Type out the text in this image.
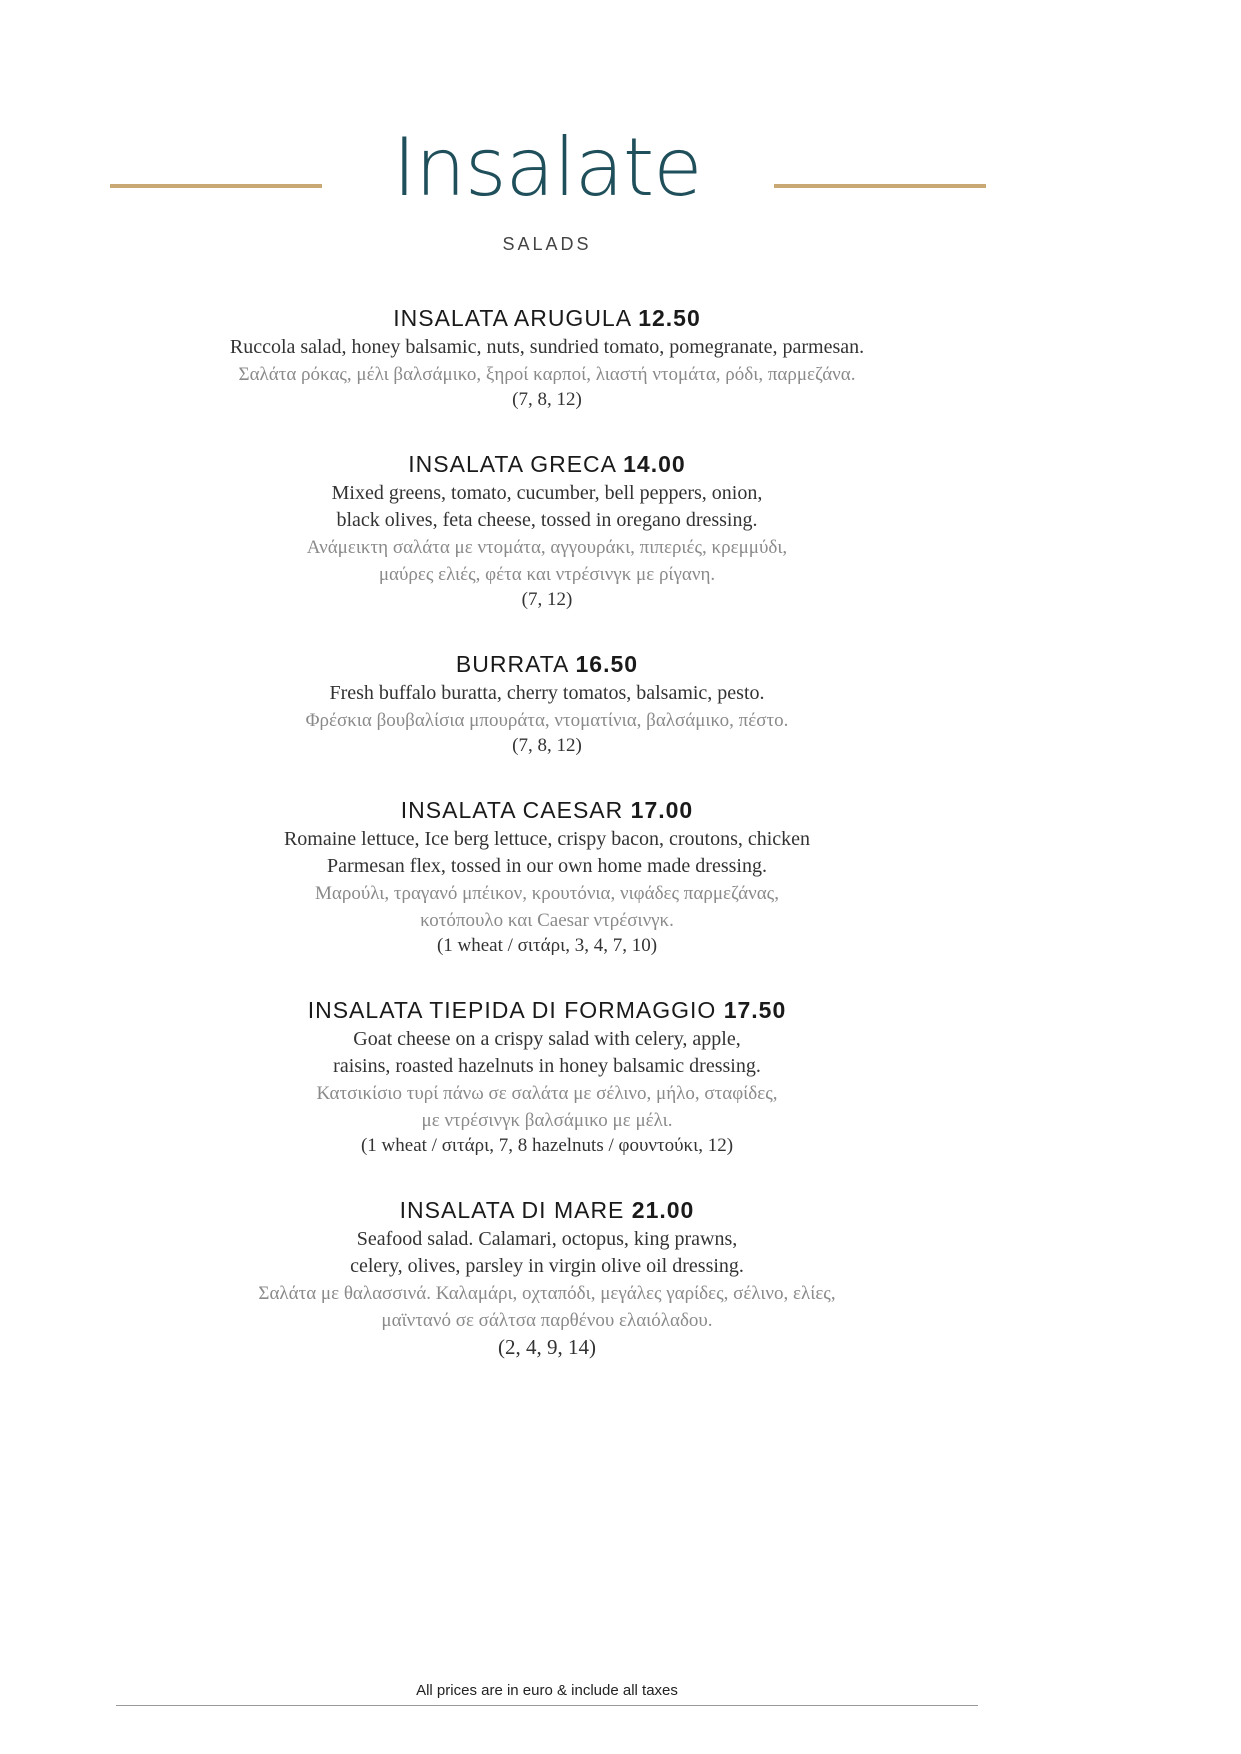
Insalate
SALADS
INSALATA ARUGULA 12.50
Ruccola salad, honey balsamic, nuts, sundried tomato, pomegranate, parmesan.
Σαλάτα ρόκας, μέλι βαλσάμικο, ξηροί καρποί, λιαστή ντομάτα, ρόδι, παρμεζάνα.
(7, 8, 12)
INSALATA GRECA 14.00
Mixed greens, tomato, cucumber, bell peppers, onion,
black olives, feta cheese, tossed in oregano dressing.
Ανάμεικτη σαλάτα με ντομάτα, αγγουράκι, πιπεριές, κρεμμύδι,
μαύρες ελιές, φέτα και ντρέσινγκ με ρίγανη.
(7, 12)
BURRATA 16.50
Fresh buffalo buratta, cherry tomatos, balsamic, pesto.
Φρέσκια βουβαλίσια μπουράτα, ντοματίνια, βαλσάμικο, πέστο.
(7, 8, 12)
INSALATA CAESAR 17.00
Romaine lettuce, Ice berg lettuce, crispy bacon, croutons, chicken
Parmesan flex, tossed in our own home made dressing.
Μαρούλι, τραγανό μπέικον, κρουτόνια, νιφάδες παρμεζάνας,
κοτόπουλο και Caesar ντρέσινγκ.
(1 wheat / σιτάρι, 3, 4, 7, 10)
INSALATA TIEPIDA DI FORMAGGIO 17.50
Goat cheese on a crispy salad with celery, apple,
raisins, roasted hazelnuts in honey balsamic dressing.
Κατσικίσιο τυρί πάνω σε σαλάτα με σέλινο, μήλο, σταφίδες,
με ντρέσινγκ βαλσάμικο με μέλι.
(1 wheat / σιτάρι, 7, 8 hazelnuts / φουντούκι, 12)
INSALATA DI MARE 21.00
Seafood salad. Calamari, octopus, king prawns,
celery, olives, parsley in virgin olive oil dressing.
Σαλάτα με θαλασσινά. Καλαμάρι, οχταπόδι, μεγάλες γαρίδες, σέλινο, ελίες,
μαϊντανό σε σάλτσα παρθένου ελαιόλαδου.
(2, 4, 9, 14)
All prices are in euro & include all taxes
